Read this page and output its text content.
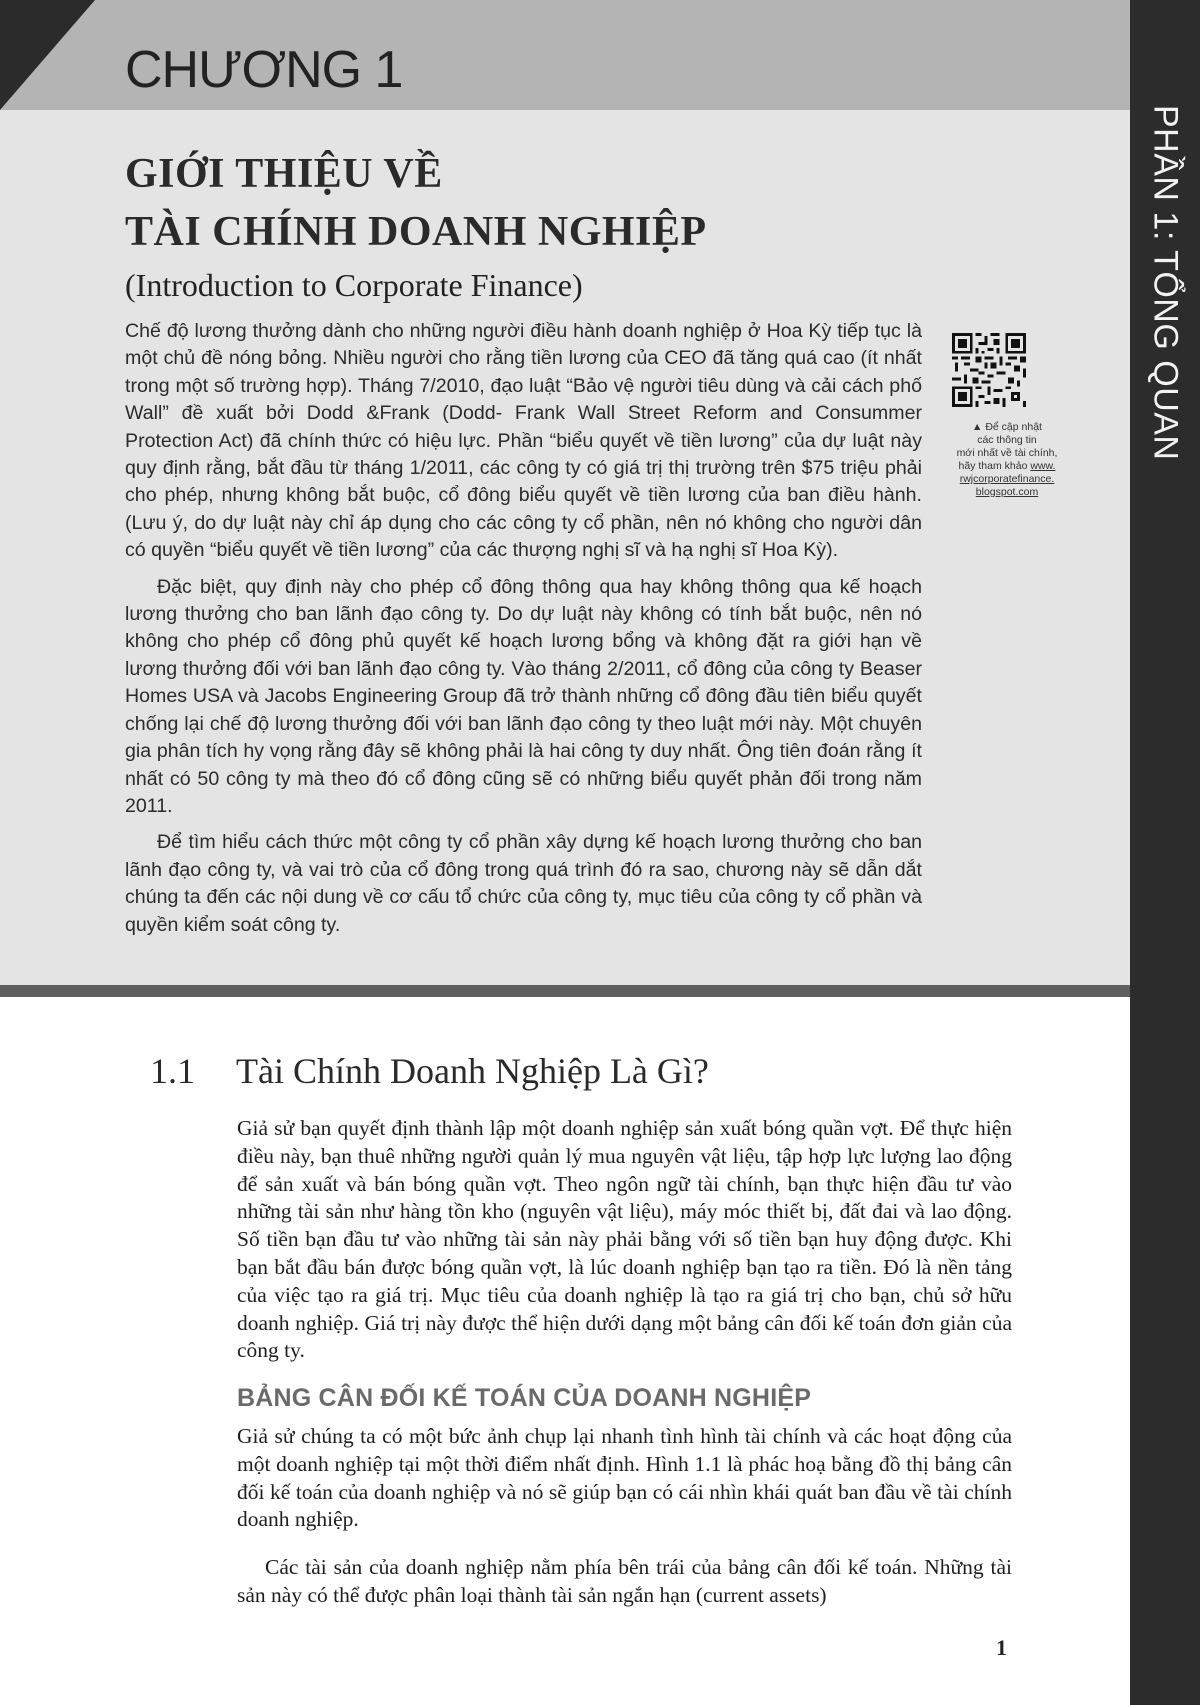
PHẦN 1: TỔNG QUAN
CHƯƠNG 1
GIỚI THIỆU VỀ
TÀI CHÍNH DOANH NGHIỆP
(Introduction to Corporate Finance)

Chế độ lương thưởng dành cho những người điều hành doanh nghiệp ở Hoa Kỳ tiếp tục là một chủ đề nóng bỏng. Nhiều người cho rằng tiền lương của CEO đã tăng quá cao (ít nhất trong một số trường hợp). Tháng 7/2010, đạo luật “Bảo vệ người tiêu dùng và cải cách phố Wall” đề xuất bởi Dodd &Frank (Dodd- Frank Wall Street Reform and Consummer Protection Act) đã chính thức có hiệu lực. Phần “biểu quyết về tiền lương” của dự luật này quy định rằng, bắt đầu từ tháng 1/2011, các công ty có giá trị thị trường trên $75 triệu phải cho phép, nhưng không bắt buộc, cổ đông biểu quyết về tiền lương của ban điều hành. (Lưu ý, do dự luật này chỉ áp dụng cho các công ty cổ phần, nên nó không cho người dân có quyền “biểu quyết về tiền lương” của các thượng nghị sĩ và hạ nghị sĩ Hoa Kỳ).

Đặc biệt, quy định này cho phép cổ đông thông qua hay không thông qua kế hoạch lương thưởng cho ban lãnh đạo công ty. Do dự luật này không có tính bắt buộc, nên nó không cho phép cổ đông phủ quyết kế hoạch lương bổng và không đặt ra giới hạn về lương thưởng đối với ban lãnh đạo công ty. Vào tháng 2/2011, cổ đông của công ty Beaser Homes USA và Jacobs Engineering Group đã trở thành những cổ đông đầu tiên biểu quyết chống lại chế độ lương thưởng đối với ban lãnh đạo công ty theo luật mới này. Một chuyên gia phân tích hy vọng rằng đây sẽ không phải là hai công ty duy nhất. Ông tiên đoán rằng ít nhất có 50 công ty mà theo đó cổ đông cũng sẽ có những biểu quyết phản đối trong năm 2011.

Để tìm hiểu cách thức một công ty cổ phần xây dựng kế hoạch lương thưởng cho ban lãnh đạo công ty, và vai trò của cổ đông trong quá trình đó ra sao, chương này sẽ dẫn dắt chúng ta đến các nội dung về cơ cấu tổ chức của công ty, mục tiêu của công ty cổ phần và quyền kiểm soát công ty.

▲ Để cập nhật
các thông tin
mới nhất về tài chính,
hãy tham khảo www.
rwjcorporatefinance.
blogspot.com
1.1 Tài Chính Doanh Nghiệp Là Gì?

Giả sử bạn quyết định thành lập một doanh nghiệp sản xuất bóng quần vợt. Để thực hiện điều này, bạn thuê những người quản lý mua nguyên vật liệu, tập hợp lực lượng lao động để sản xuất và bán bóng quần vợt. Theo ngôn ngữ tài chính, bạn thực hiện đầu tư vào những tài sản như hàng tồn kho (nguyên vật liệu), máy móc thiết bị, đất đai và lao động. Số tiền bạn đầu tư vào những tài sản này phải bằng với số tiền bạn huy động được. Khi bạn bắt đầu bán được bóng quần vợt, là lúc doanh nghiệp bạn tạo ra tiền. Đó là nền tảng của việc tạo ra giá trị. Mục tiêu của doanh nghiệp là tạo ra giá trị cho bạn, chủ sở hữu doanh nghiệp. Giá trị này được thể hiện dưới dạng một bảng cân đối kế toán đơn giản của công ty.

BẢNG CÂN ĐỐI KẾ TOÁN CỦA DOANH NGHIỆP

Giả sử chúng ta có một bức ảnh chụp lại nhanh tình hình tài chính và các hoạt động của một doanh nghiệp tại một thời điểm nhất định. Hình 1.1 là phác hoạ bằng đồ thị bảng cân đối kế toán của doanh nghiệp và nó sẽ giúp bạn có cái nhìn khái quát ban đầu về tài chính doanh nghiệp.

Các tài sản của doanh nghiệp nằm phía bên trái của bảng cân đối kế toán. Những tài sản này có thể được phân loại thành tài sản ngắn hạn (current assets)

1
